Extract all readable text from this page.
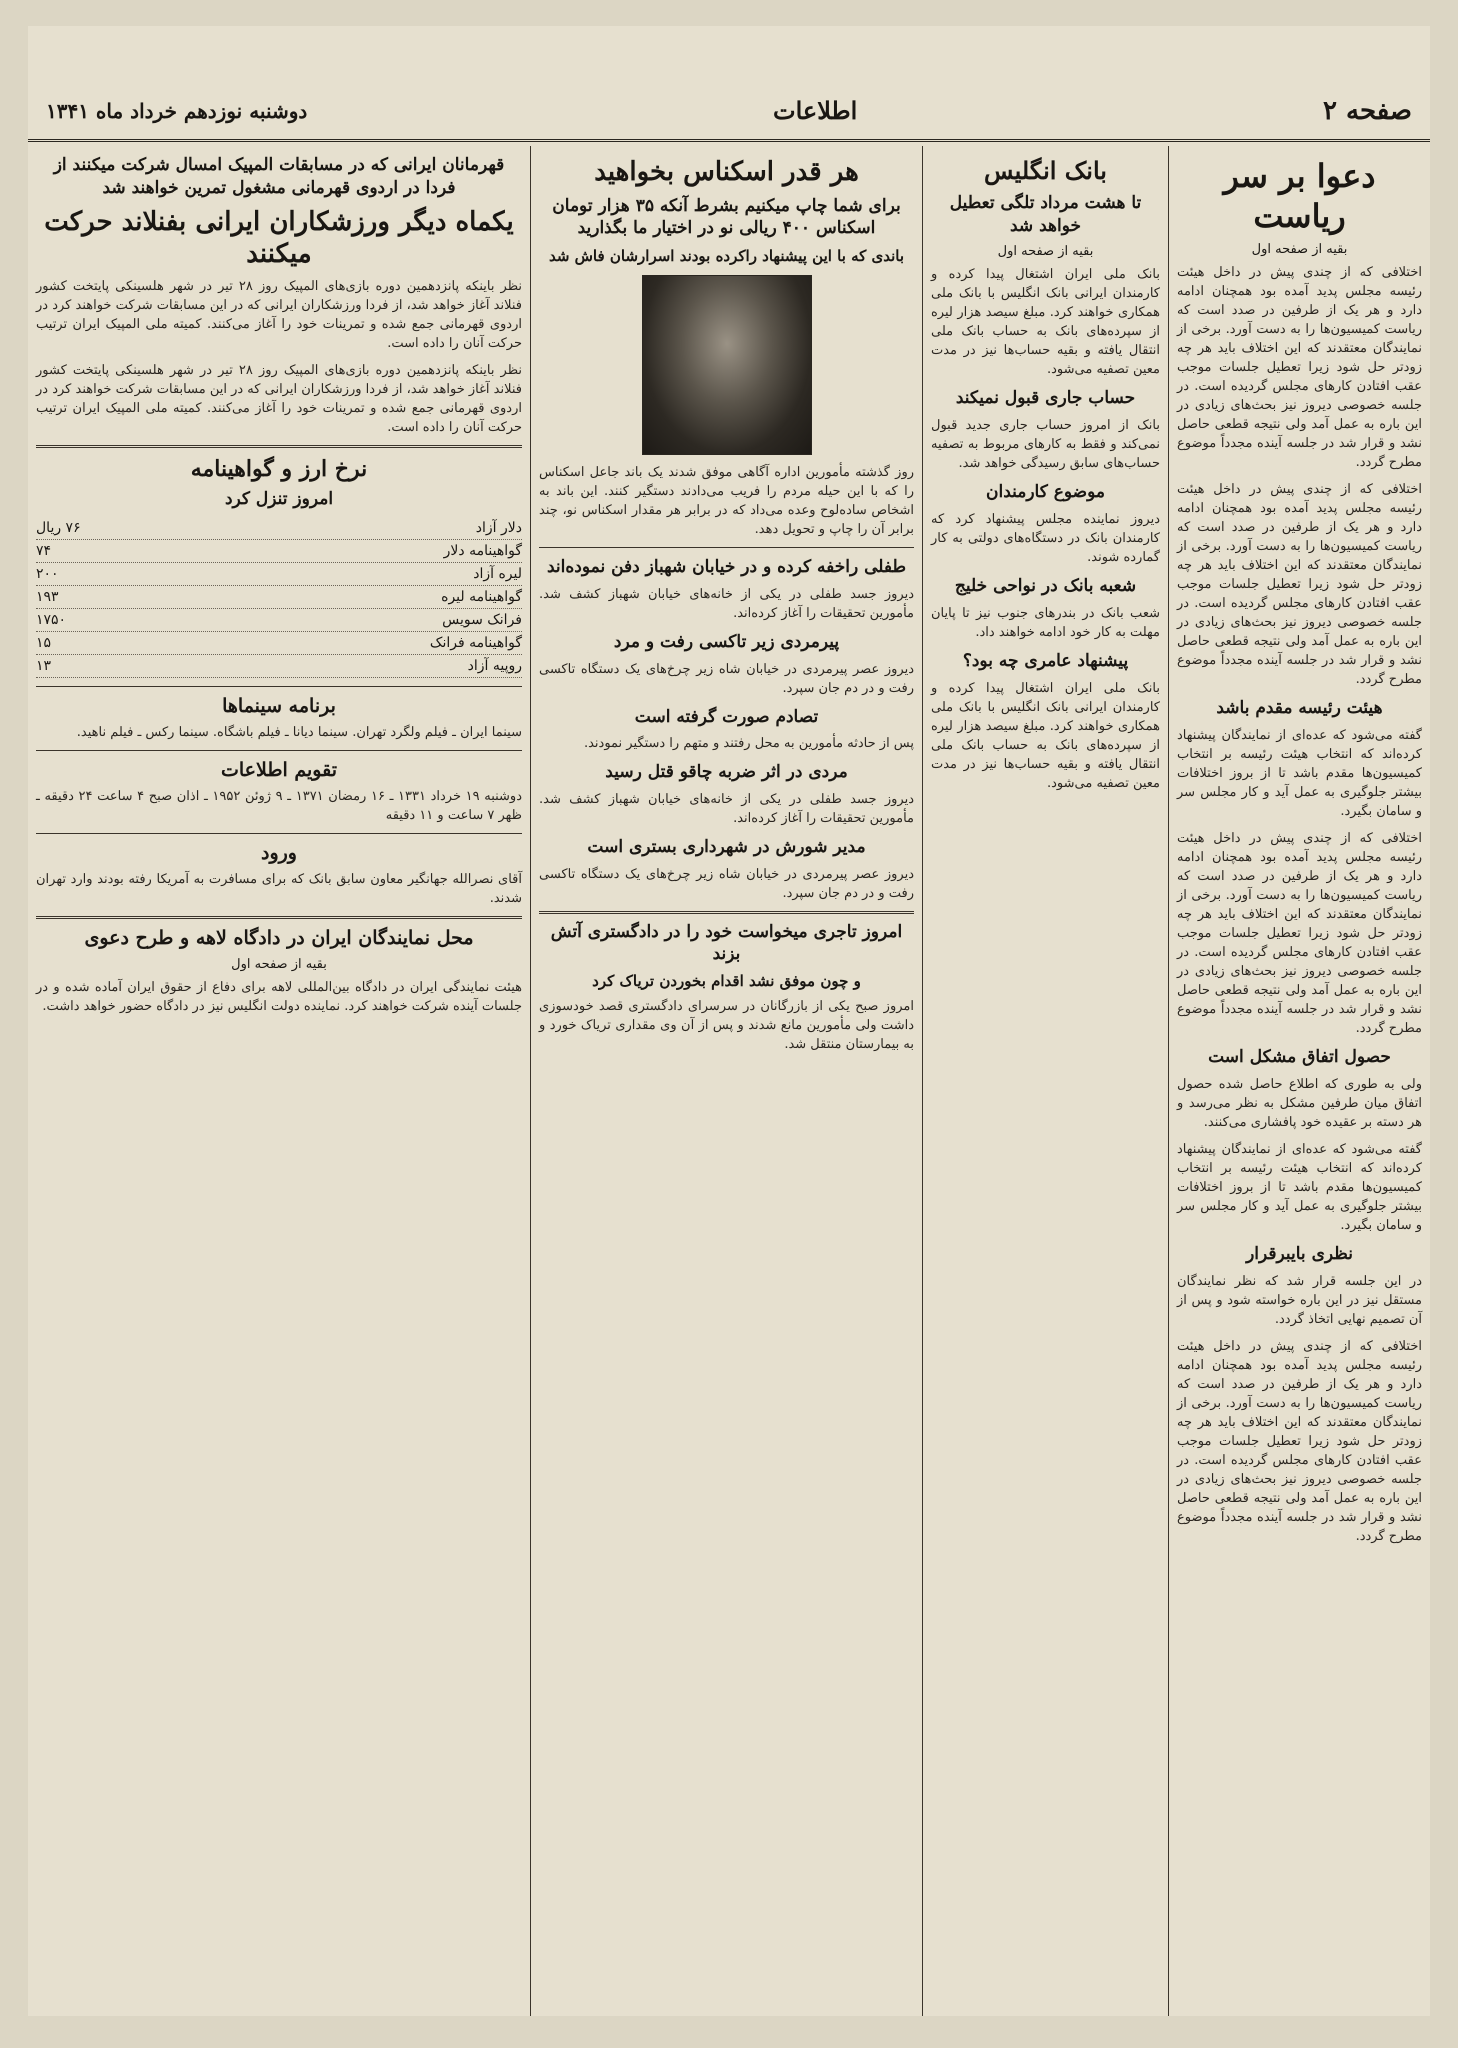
صفحه ۲
اطلاعات
دوشنبه نوزدهم خرداد ماه ۱۳۴۱
دعوا بر سر ریاست
بقیه از صفحه اول

اختلافی که از چندی پیش در داخل هیئت رئیسه مجلس پدید آمده بود همچنان ادامه دارد و هر یک از طرفین در صدد است که ریاست کمیسیون‌ها را به دست آورد. برخی از نمایندگان معتقدند که این اختلاف باید هر چه زودتر حل شود زیرا تعطیل جلسات موجب عقب افتادن کارهای مجلس گردیده است. در جلسه خصوصی دیروز نیز بحث‌های زیادی در این باره به عمل آمد ولی نتیجه قطعی حاصل نشد و قرار شد در جلسه آینده مجدداً موضوع مطرح گردد.

اختلافی که از چندی پیش در داخل هیئت رئیسه مجلس پدید آمده بود همچنان ادامه دارد و هر یک از طرفین در صدد است که ریاست کمیسیون‌ها را به دست آورد. برخی از نمایندگان معتقدند که این اختلاف باید هر چه زودتر حل شود زیرا تعطیل جلسات موجب عقب افتادن کارهای مجلس گردیده است. در جلسه خصوصی دیروز نیز بحث‌های زیادی در این باره به عمل آمد ولی نتیجه قطعی حاصل نشد و قرار شد در جلسه آینده مجدداً موضوع مطرح گردد.

هیئت رئیسه مقدم باشد

گفته می‌شود که عده‌ای از نمایندگان پیشنهاد کرده‌اند که انتخاب هیئت رئیسه بر انتخاب کمیسیون‌ها مقدم باشد تا از بروز اختلافات بیشتر جلوگیری به عمل آید و کار مجلس سر و سامان بگیرد.

اختلافی که از چندی پیش در داخل هیئت رئیسه مجلس پدید آمده بود همچنان ادامه دارد و هر یک از طرفین در صدد است که ریاست کمیسیون‌ها را به دست آورد. برخی از نمایندگان معتقدند که این اختلاف باید هر چه زودتر حل شود زیرا تعطیل جلسات موجب عقب افتادن کارهای مجلس گردیده است. در جلسه خصوصی دیروز نیز بحث‌های زیادی در این باره به عمل آمد ولی نتیجه قطعی حاصل نشد و قرار شد در جلسه آینده مجدداً موضوع مطرح گردد.

حصول اتفاق مشکل است

ولی به طوری که اطلاع حاصل شده حصول اتفاق میان طرفین مشکل به نظر می‌رسد و هر دسته بر عقیده خود پافشاری می‌کنند.

گفته می‌شود که عده‌ای از نمایندگان پیشنهاد کرده‌اند که انتخاب هیئت رئیسه بر انتخاب کمیسیون‌ها مقدم باشد تا از بروز اختلافات بیشتر جلوگیری به عمل آید و کار مجلس سر و سامان بگیرد.

نظری بایبرقرار

در این جلسه قرار شد که نظر نمایندگان مستقل نیز در این باره خواسته شود و پس از آن تصمیم نهایی اتخاذ گردد.

اختلافی که از چندی پیش در داخل هیئت رئیسه مجلس پدید آمده بود همچنان ادامه دارد و هر یک از طرفین در صدد است که ریاست کمیسیون‌ها را به دست آورد. برخی از نمایندگان معتقدند که این اختلاف باید هر چه زودتر حل شود زیرا تعطیل جلسات موجب عقب افتادن کارهای مجلس گردیده است. در جلسه خصوصی دیروز نیز بحث‌های زیادی در این باره به عمل آمد ولی نتیجه قطعی حاصل نشد و قرار شد در جلسه آینده مجدداً موضوع مطرح گردد.

بانک انگلیس
تا هشت مرداد تلگی تعطیل خواهد شد
بقیه از صفحه اول

بانک ملی ایران اشتغال پیدا کرده و کارمندان ایرانی بانک انگلیس با بانک ملی همکاری خواهند کرد. مبلغ سیصد هزار لیره از سپرده‌های بانک به حساب بانک ملی انتقال یافته و بقیه حساب‌ها نیز در مدت معین تصفیه می‌شود.

حساب جاری قبول نمیکند

بانک از امروز حساب جاری جدید قبول نمی‌کند و فقط به کارهای مربوط به تصفیه حساب‌های سابق رسیدگی خواهد شد.

موضوع کارمندان

دیروز نماینده مجلس پیشنهاد کرد که کارمندان بانک در دستگاه‌های دولتی به کار گمارده شوند.

شعبه بانک در نواحی خلیج

شعب بانک در بندرهای جنوب نیز تا پایان مهلت به کار خود ادامه خواهند داد.

پیشنهاد عامری چه بود؟

بانک ملی ایران اشتغال پیدا کرده و کارمندان ایرانی بانک انگلیس با بانک ملی همکاری خواهند کرد. مبلغ سیصد هزار لیره از سپرده‌های بانک به حساب بانک ملی انتقال یافته و بقیه حساب‌ها نیز در مدت معین تصفیه می‌شود.

هر قدر اسکناس بخواهید
برای شما چاپ میکنیم بشرط آنکه ۳۵ هزار تومان اسکناس ۴۰۰ ریالی نو در اختیار ما بگذارید
باندی که با این پیشنهاد راکرده بودند اسرارشان فاش شد

روز گذشته مأمورین اداره آگاهی موفق شدند یک باند جاعل اسکناس را که با این حیله مردم را فریب می‌دادند دستگیر کنند. این باند به اشخاص ساده‌لوح وعده می‌داد که در برابر هر مقدار اسکناس نو، چند برابر آن را چاپ و تحویل دهد.

طفلی راخفه کرده و در خیابان شهباز دفن نموده‌اند

دیروز جسد طفلی در یکی از خانه‌های خیابان شهباز کشف شد. مأمورین تحقیقات را آغاز کرده‌اند.

پیرمردی زیر تاکسی رفت و مرد

دیروز عصر پیرمردی در خیابان شاه زیر چرخ‌های یک دستگاه تاکسی رفت و در دم جان سپرد.

تصادم صورت گرفته است

پس از حادثه مأمورین به محل رفتند و متهم را دستگیر نمودند.

مردی در اثر ضربه چاقو قتل رسید

دیروز جسد طفلی در یکی از خانه‌های خیابان شهباز کشف شد. مأمورین تحقیقات را آغاز کرده‌اند.

مدیر شورش در شهرداری بستری است

دیروز عصر پیرمردی در خیابان شاه زیر چرخ‌های یک دستگاه تاکسی رفت و در دم جان سپرد.

امروز تاجری میخواست خود را در دادگستری آتش بزند
و چون موفق نشد اقدام بخوردن تریاک کرد

امروز صبح یکی از بازرگانان در سرسرای دادگستری قصد خودسوزی داشت ولی مأمورین مانع شدند و پس از آن وی مقداری تریاک خورد و به بیمارستان منتقل شد.

قهرمانان ایرانی که در مسابقات المپیک امسال شرکت میکنند از فردا در اردوی قهرمانی مشغول تمرین خواهند شد
یکماه دیگر ورزشکاران ایرانی بفنلاند حرکت میکنند

نظر باینکه پانزدهمین دوره بازی‌های المپیک روز ۲۸ تیر در شهر هلسینکی پایتخت کشور فنلاند آغاز خواهد شد، از فردا ورزشکاران ایرانی که در این مسابقات شرکت خواهند کرد در اردوی قهرمانی جمع شده و تمرینات خود را آغاز می‌کنند. کمیته ملی المپیک ایران ترتیب حرکت آنان را داده است.

نظر باینکه پانزدهمین دوره بازی‌های المپیک روز ۲۸ تیر در شهر هلسینکی پایتخت کشور فنلاند آغاز خواهد شد، از فردا ورزشکاران ایرانی که در این مسابقات شرکت خواهند کرد در اردوی قهرمانی جمع شده و تمرینات خود را آغاز می‌کنند. کمیته ملی المپیک ایران ترتیب حرکت آنان را داده است.

نرخ ارز و گواهینامه
امروز تنزل کرد
دلار آزاد
۷۶ ریال
گواهینامه دلار
۷۴
لیره آزاد
۲۰۰
گواهینامه لیره
۱۹۳
فرانک سویس
۱۷۵۰
گواهینامه فرانک
۱۵
روپیه آزاد
۱۳
برنامه سینماها

سینما ایران ـ فیلم ولگرد تهران. سینما دیانا ـ فیلم باشگاه. سینما رکس ـ فیلم ناهید.

تقویم اطلاعات

دوشنبه ۱۹ خرداد ۱۳۳۱ ـ ۱۶ رمضان ۱۳۷۱ ـ ۹ ژوئن ۱۹۵۲ ـ اذان صبح ۴ ساعت ۲۴ دقیقه ـ ظهر ۷ ساعت و ۱۱ دقیقه

ورود

آقای نصرالله جهانگیر معاون سابق بانک که برای مسافرت به آمریکا رفته بودند وارد تهران شدند.

محل نمایندگان ایران در دادگاه لاهه و طرح دعوی
بقیه از صفحه اول

هیئت نمایندگی ایران در دادگاه بین‌المللی لاهه برای دفاع از حقوق ایران آماده شده و در جلسات آینده شرکت خواهند کرد. نماینده دولت انگلیس نیز در دادگاه حضور خواهد داشت.
